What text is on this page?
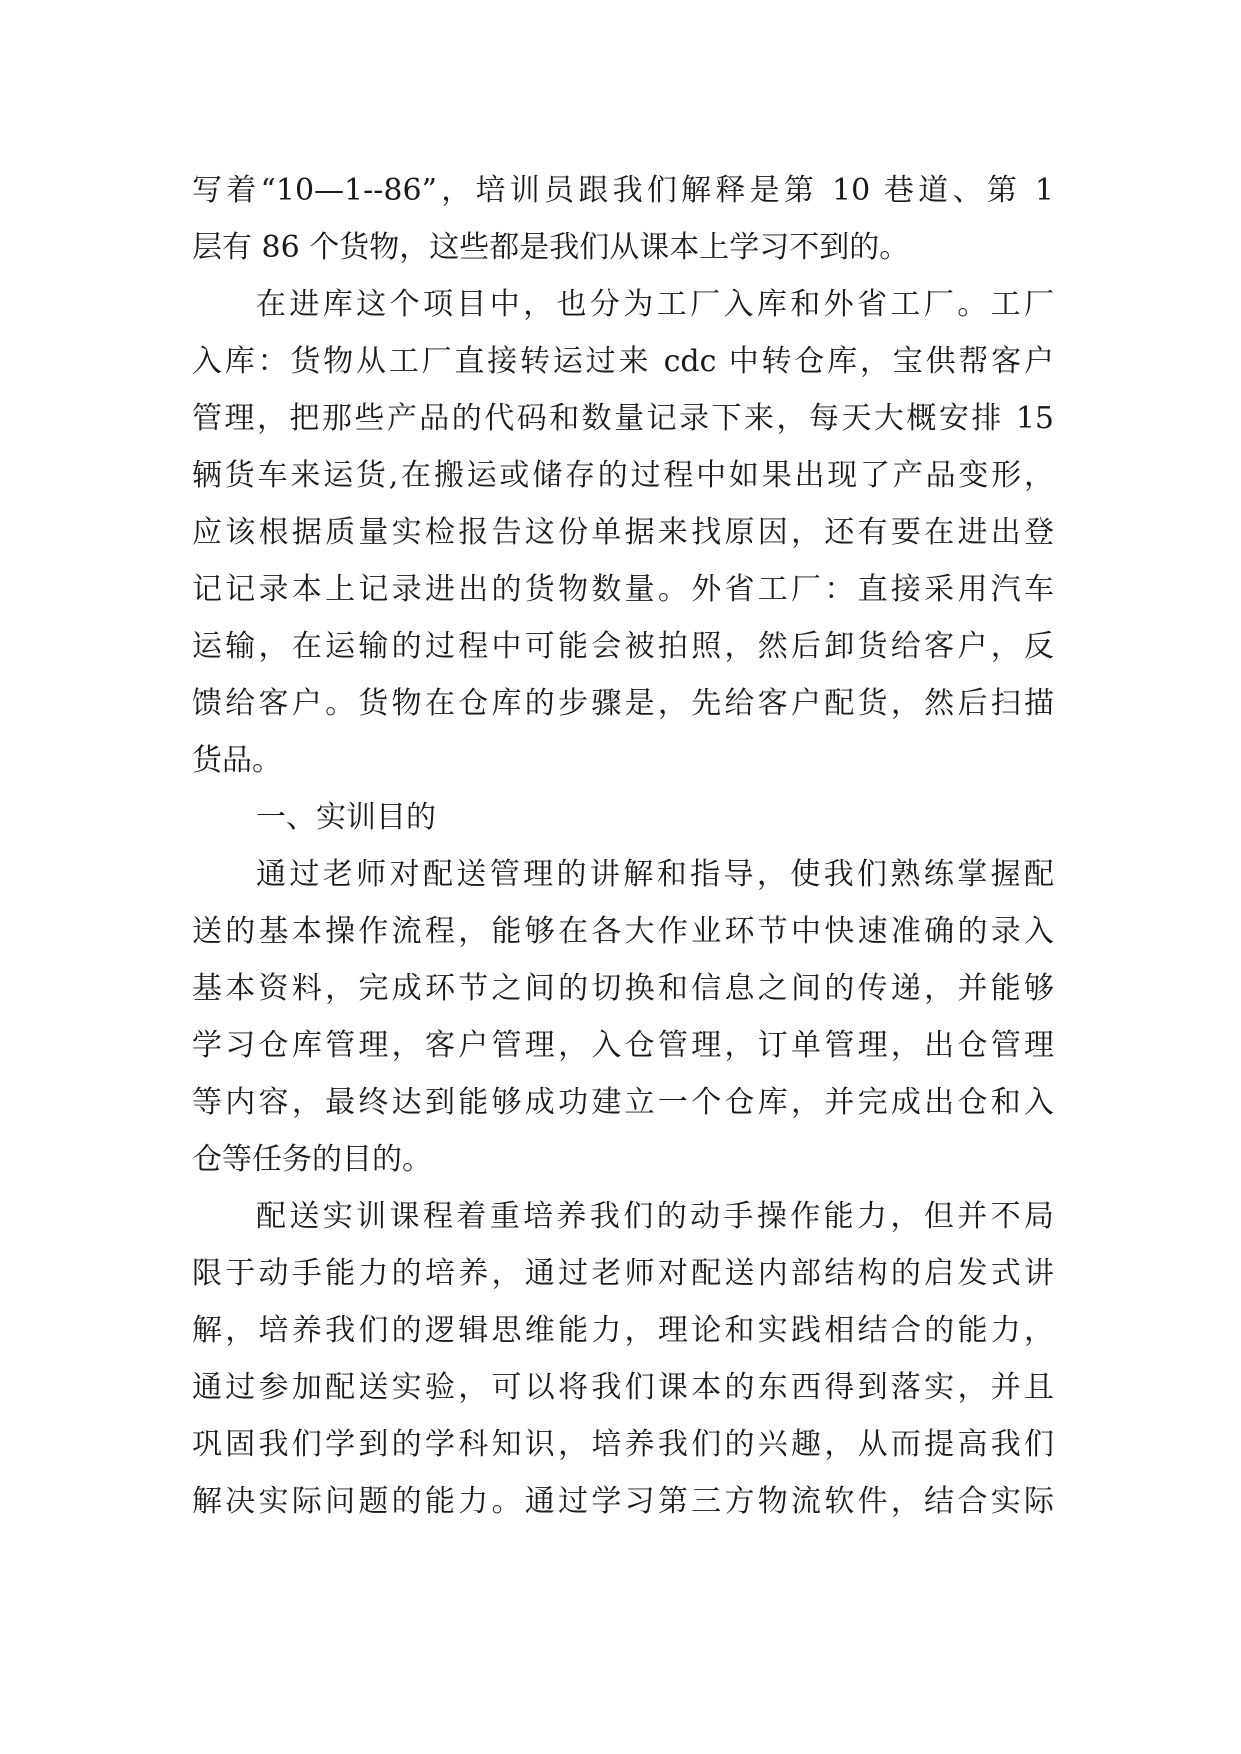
写着“10—1--86”，培训员跟我们解释是第 10 巷道、第 1
层有 86 个货物，这些都是我们从课本上学习不到的。
在进库这个项目中，也分为工厂入库和外省工厂。工厂
入库：货物从工厂直接转运过来 cdc 中转仓库，宝供帮客户
管理，把那些产品的代码和数量记录下来，每天大概安排 15
辆货车来运货,在搬运或储存的过程中如果出现了产品变形，
应该根据质量实检报告这份单据来找原因，还有要在进出登
记记录本上记录进出的货物数量。外省工厂：直接采用汽车
运输，在运输的过程中可能会被拍照，然后卸货给客户，反
馈给客户。货物在仓库的步骤是，先给客户配货，然后扫描
货品。
一、实训目的
通过老师对配送管理的讲解和指导，使我们熟练掌握配
送的基本操作流程，能够在各大作业环节中快速准确的录入
基本资料，完成环节之间的切换和信息之间的传递，并能够
学习仓库管理，客户管理，入仓管理，订单管理，出仓管理
等内容，最终达到能够成功建立一个仓库，并完成出仓和入
仓等任务的目的。
配送实训课程着重培养我们的动手操作能力，但并不局
限于动手能力的培养，通过老师对配送内部结构的启发式讲
解，培养我们的逻辑思维能力，理论和实践相结合的能力，
通过参加配送实验，可以将我们课本的东西得到落实，并且
巩固我们学到的学科知识，培养我们的兴趣，从而提高我们
解决实际问题的能力。通过学习第三方物流软件，结合实际
